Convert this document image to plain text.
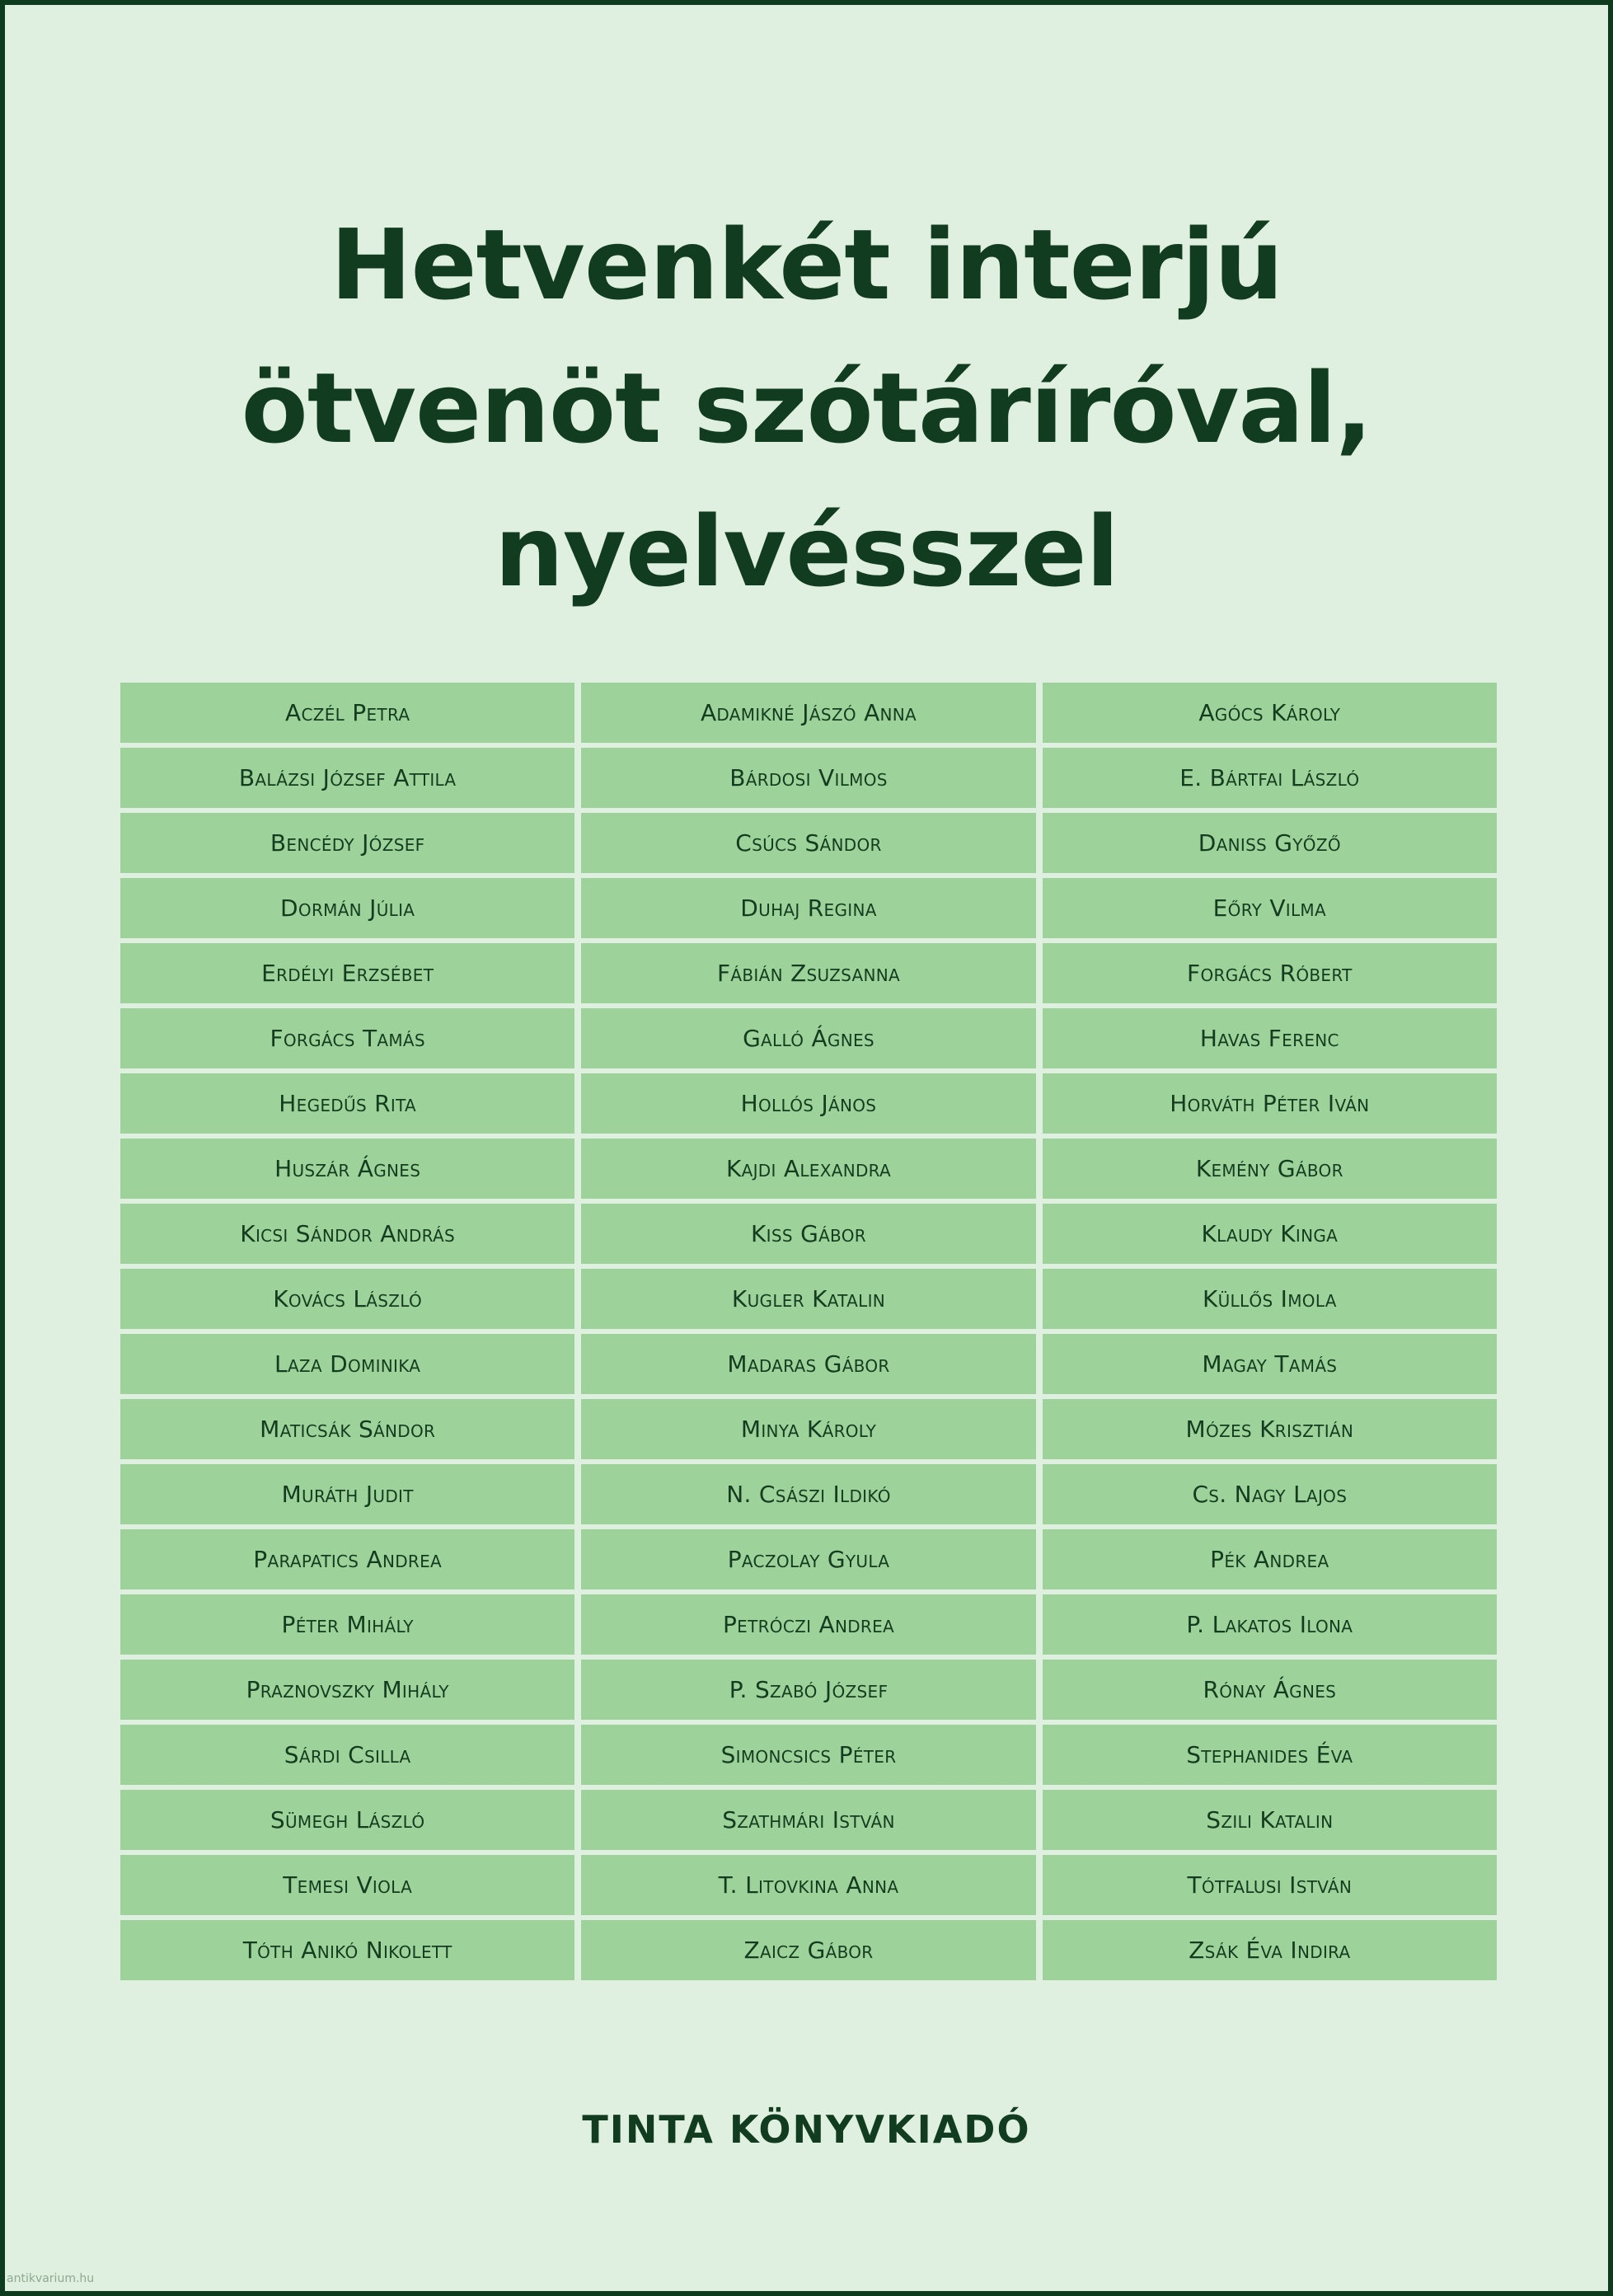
Hetvenkét interjú
ötvenöt szótáríróval,
nyelvésszel
Aczél Petra	Adamikné Jászó Anna	Agócs Károly
Balázsi József Attila	Bárdosi Vilmos	E. Bártfai László
Bencédy József	Csúcs Sándor	Daniss Győző
Dormán Júlia	Duhaj Regina	Eőry Vilma
Erdélyi Erzsébet	Fábián Zsuzsanna	Forgács Róbert
Forgács Tamás	Galló Ágnes	Havas Ferenc
Hegedűs Rita	Hollós János	Horváth Péter Iván
Huszár Ágnes	Kajdi Alexandra	Kemény Gábor
Kicsi Sándor András	Kiss Gábor	Klaudy Kinga
Kovács László	Kugler Katalin	Küllős Imola
Laza Dominika	Madaras Gábor	Magay Tamás
Maticsák Sándor	Minya Károly	Mózes Krisztián
Muráth Judit	N. Császi Ildikó	Cs. Nagy Lajos
Parapatics Andrea	Paczolay Gyula	Pék Andrea
Péter Mihály	Petróczi Andrea	P. Lakatos Ilona
Praznovszky Mihály	P. Szabó József	Rónay Ágnes
Sárdi Csilla	Simoncsics Péter	Stephanides Éva
Sümegh László	Szathmári István	Szili Katalin
Temesi Viola	T. Litovkina Anna	Tótfalusi István
Tóth Anikó Nikolett	Zaicz Gábor	Zsák Éva Indira
TINTA KÖNYVKIADÓ
antikvarium.hu
